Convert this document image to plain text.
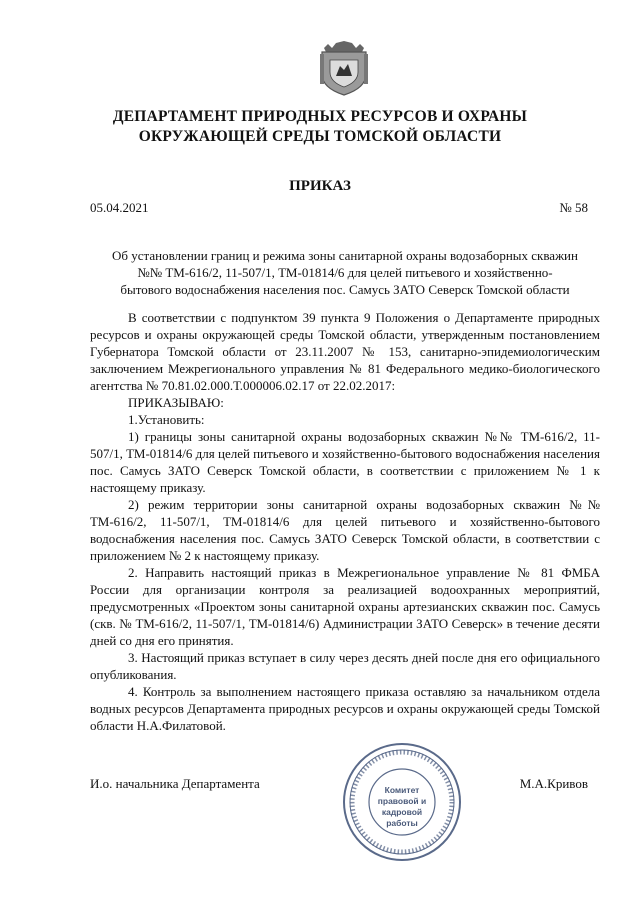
ДЕПАРТАМЕНТ ПРИРОДНЫХ РЕСУРСОВ И ОХРАНЫ
ОКРУЖАЮЩЕЙ СРЕДЫ ТОМСКОЙ ОБЛАСТИ
ПРИКАЗ
05.04.2021	№ 58
Об установлении границ и режима зоны санитарной охраны водозаборных скважин
№№ ТМ-616/2, 11-507/1, ТМ-01814/6 для целей питьевого и хозяйственно-
бытового водоснабжения населения пос. Самусь ЗАТО Северск Томской области

В соответствии с подпунктом 39 пункта 9 Положения о Департаменте природных ресурсов и охраны окружающей среды Томской области, утвержденным постановлением Губернатора Томской области от 23.11.2007 № 153, санитарно-эпидемиологическим заключением Межрегионального управления № 81 Федерального медико-биологического агентства № 70.81.02.000.Т.000006.02.17 от 22.02.2017:

ПРИКАЗЫВАЮ:

1.Установить:

1) границы зоны санитарной охраны водозаборных скважин №№ ТМ-616/2, 11-507/1, ТМ-01814/6 для целей питьевого и хозяйственно-бытового водоснабжения населения пос. Самусь ЗАТО Северск Томской области, в соответствии с приложением № 1 к настоящему приказу.

2) режим территории зоны санитарной охраны водозаборных скважин №№ ТМ-616/2, 11-507/1, ТМ-01814/6 для целей питьевого и хозяйственно-бытового водоснабжения населения пос. Самусь ЗАТО Северск Томской области, в соответствии с приложением № 2 к настоящему приказу.

2. Направить настоящий приказ в Межрегиональное управление № 81 ФМБА России для организации контроля за реализацией водоохранных мероприятий, предусмотренных «Проектом зоны санитарной охраны артезианских скважин пос. Самусь (скв. № ТМ-616/2, 11-507/1, ТМ-01814/6) Администрации ЗАТО Северск» в течение десяти дней со дня его принятия.

3. Настоящий приказ вступает в силу через десять дней после дня его официального опубликования.

4. Контроль за выполнением настоящего приказа оставляю за начальником отдела водных ресурсов Департамента природных ресурсов и охраны окружающей среды Томской области Н.А.Филатовой.

И.о. начальника Департамента	М.А.Кривов
Комитет правовой и кадровой работы
